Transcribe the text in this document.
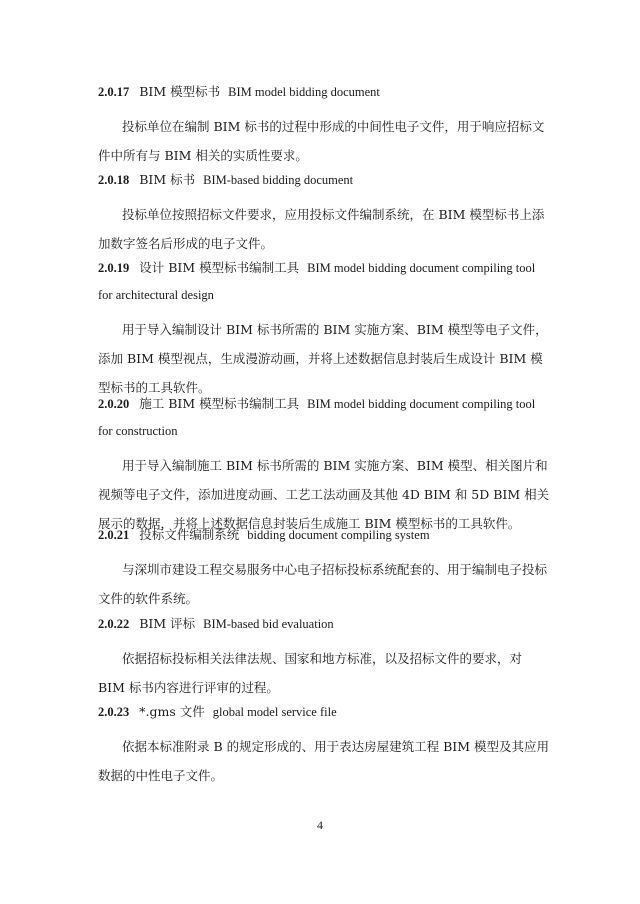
2.0.17 BIM 模型标书 BIM model bidding document
投标单位在编制 BIM 标书的过程中形成的中间性电子文件，用于响应招标文件中所有与 BIM 相关的实质性要求。
2.0.18 BIM 标书 BIM-based bidding document
投标单位按照招标文件要求，应用投标文件编制系统，在 BIM 模型标书上添加数字签名后形成的电子文件。
2.0.19 设计 BIM 模型标书编制工具 BIM model bidding document compiling tool
for architectural design
用于导入编制设计 BIM 标书所需的 BIM 实施方案、BIM 模型等电子文件，添加 BIM 模型视点，生成漫游动画，并将上述数据信息封装后生成设计 BIM 模型标书的工具软件。
2.0.20 施工 BIM 模型标书编制工具 BIM model bidding document compiling tool
for construction
用于导入编制施工 BIM 标书所需的 BIM 实施方案、BIM 模型、相关图片和视频等电子文件，添加进度动画、工艺工法动画及其他 4D BIM 和 5D BIM 相关展示的数据，并将上述数据信息封装后生成施工 BIM 模型标书的工具软件。
2.0.21 投标文件编制系统 bidding document compiling system
与深圳市建设工程交易服务中心电子招标投标系统配套的、用于编制电子投标文件的软件系统。
2.0.22 BIM 评标 BIM-based bid evaluation
依据招标投标相关法律法规、国家和地方标准，以及招标文件的要求，对 BIM 标书内容进行评审的过程。
2.0.23 *.gms 文件 global model service file
依据本标准附录 B 的规定形成的、用于表达房屋建筑工程 BIM 模型及其应用数据的中性电子文件。
4
